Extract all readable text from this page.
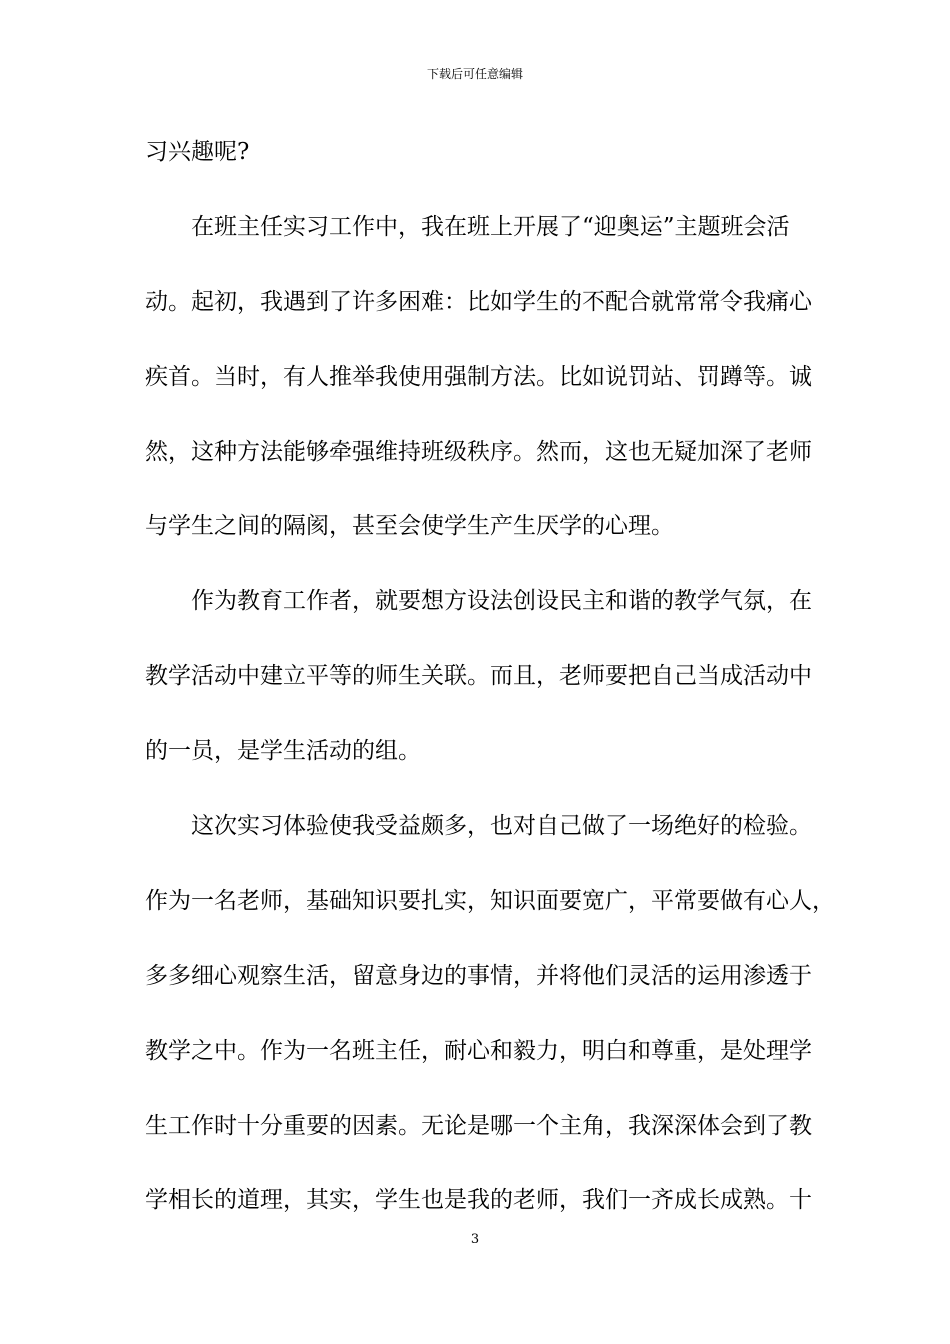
下载后可任意编辑
习兴趣呢?
在班主任实习工作中，我在班上开展了“迎奥运”主题班会活
动。起初，我遇到了许多困难：比如学生的不配合就常常令我痛心
疾首。当时，有人推举我使用强制方法。比如说罚站、罚蹲等。诚
然，这种方法能够牵强维持班级秩序。然而，这也无疑加深了老师
与学生之间的隔阂，甚至会使学生产生厌学的心理。
作为教育工作者，就要想方设法创设民主和谐的教学气氛，在
教学活动中建立平等的师生关联。而且，老师要把自己当成活动中
的一员，是学生活动的组。
这次实习体验使我受益颇多，也对自己做了一场绝好的检验。
作为一名老师，基础知识要扎实，知识面要宽广，平常要做有心人，
多多细心观察生活，留意身边的事情，并将他们灵活的运用渗透于
教学之中。作为一名班主任，耐心和毅力，明白和尊重，是处理学
生工作时十分重要的因素。无论是哪一个主角，我深深体会到了教
学相长的道理，其实，学生也是我的老师，我们一齐成长成熟。十
3
